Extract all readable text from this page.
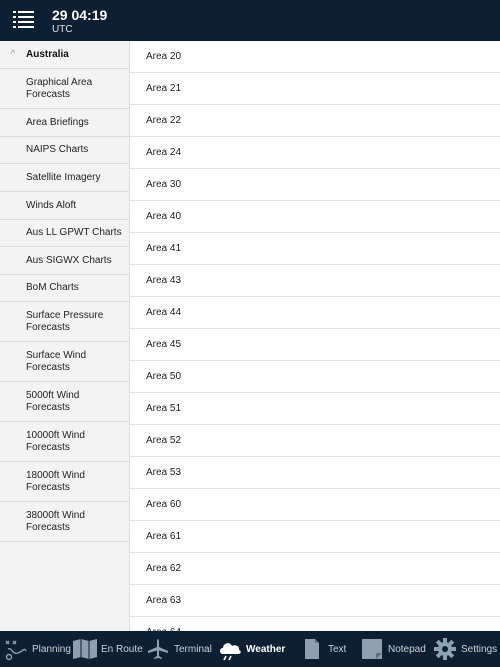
29 04:19
UTC
^	Australia
Graphical Area Forecasts
Area Briefings
NAIPS Charts
Satellite Imagery
Winds Aloft
Aus LL GPWT Charts
Aus SIGWX Charts
BoM Charts
Surface Pressure Forecasts
Surface Wind Forecasts
5000ft Wind Forecasts
10000ft Wind Forecasts
18000ft Wind Forecasts
38000ft Wind Forecasts
Area 20
Area 21
Area 22
Area 24
Area 30
Area 40
Area 41
Area 43
Area 44
Area 45
Area 50
Area 51
Area 52
Area 53
Area 60
Area 61
Area 62
Area 63
Planning	En Route	Terminal	Weather	Text	Notepad	Settings
